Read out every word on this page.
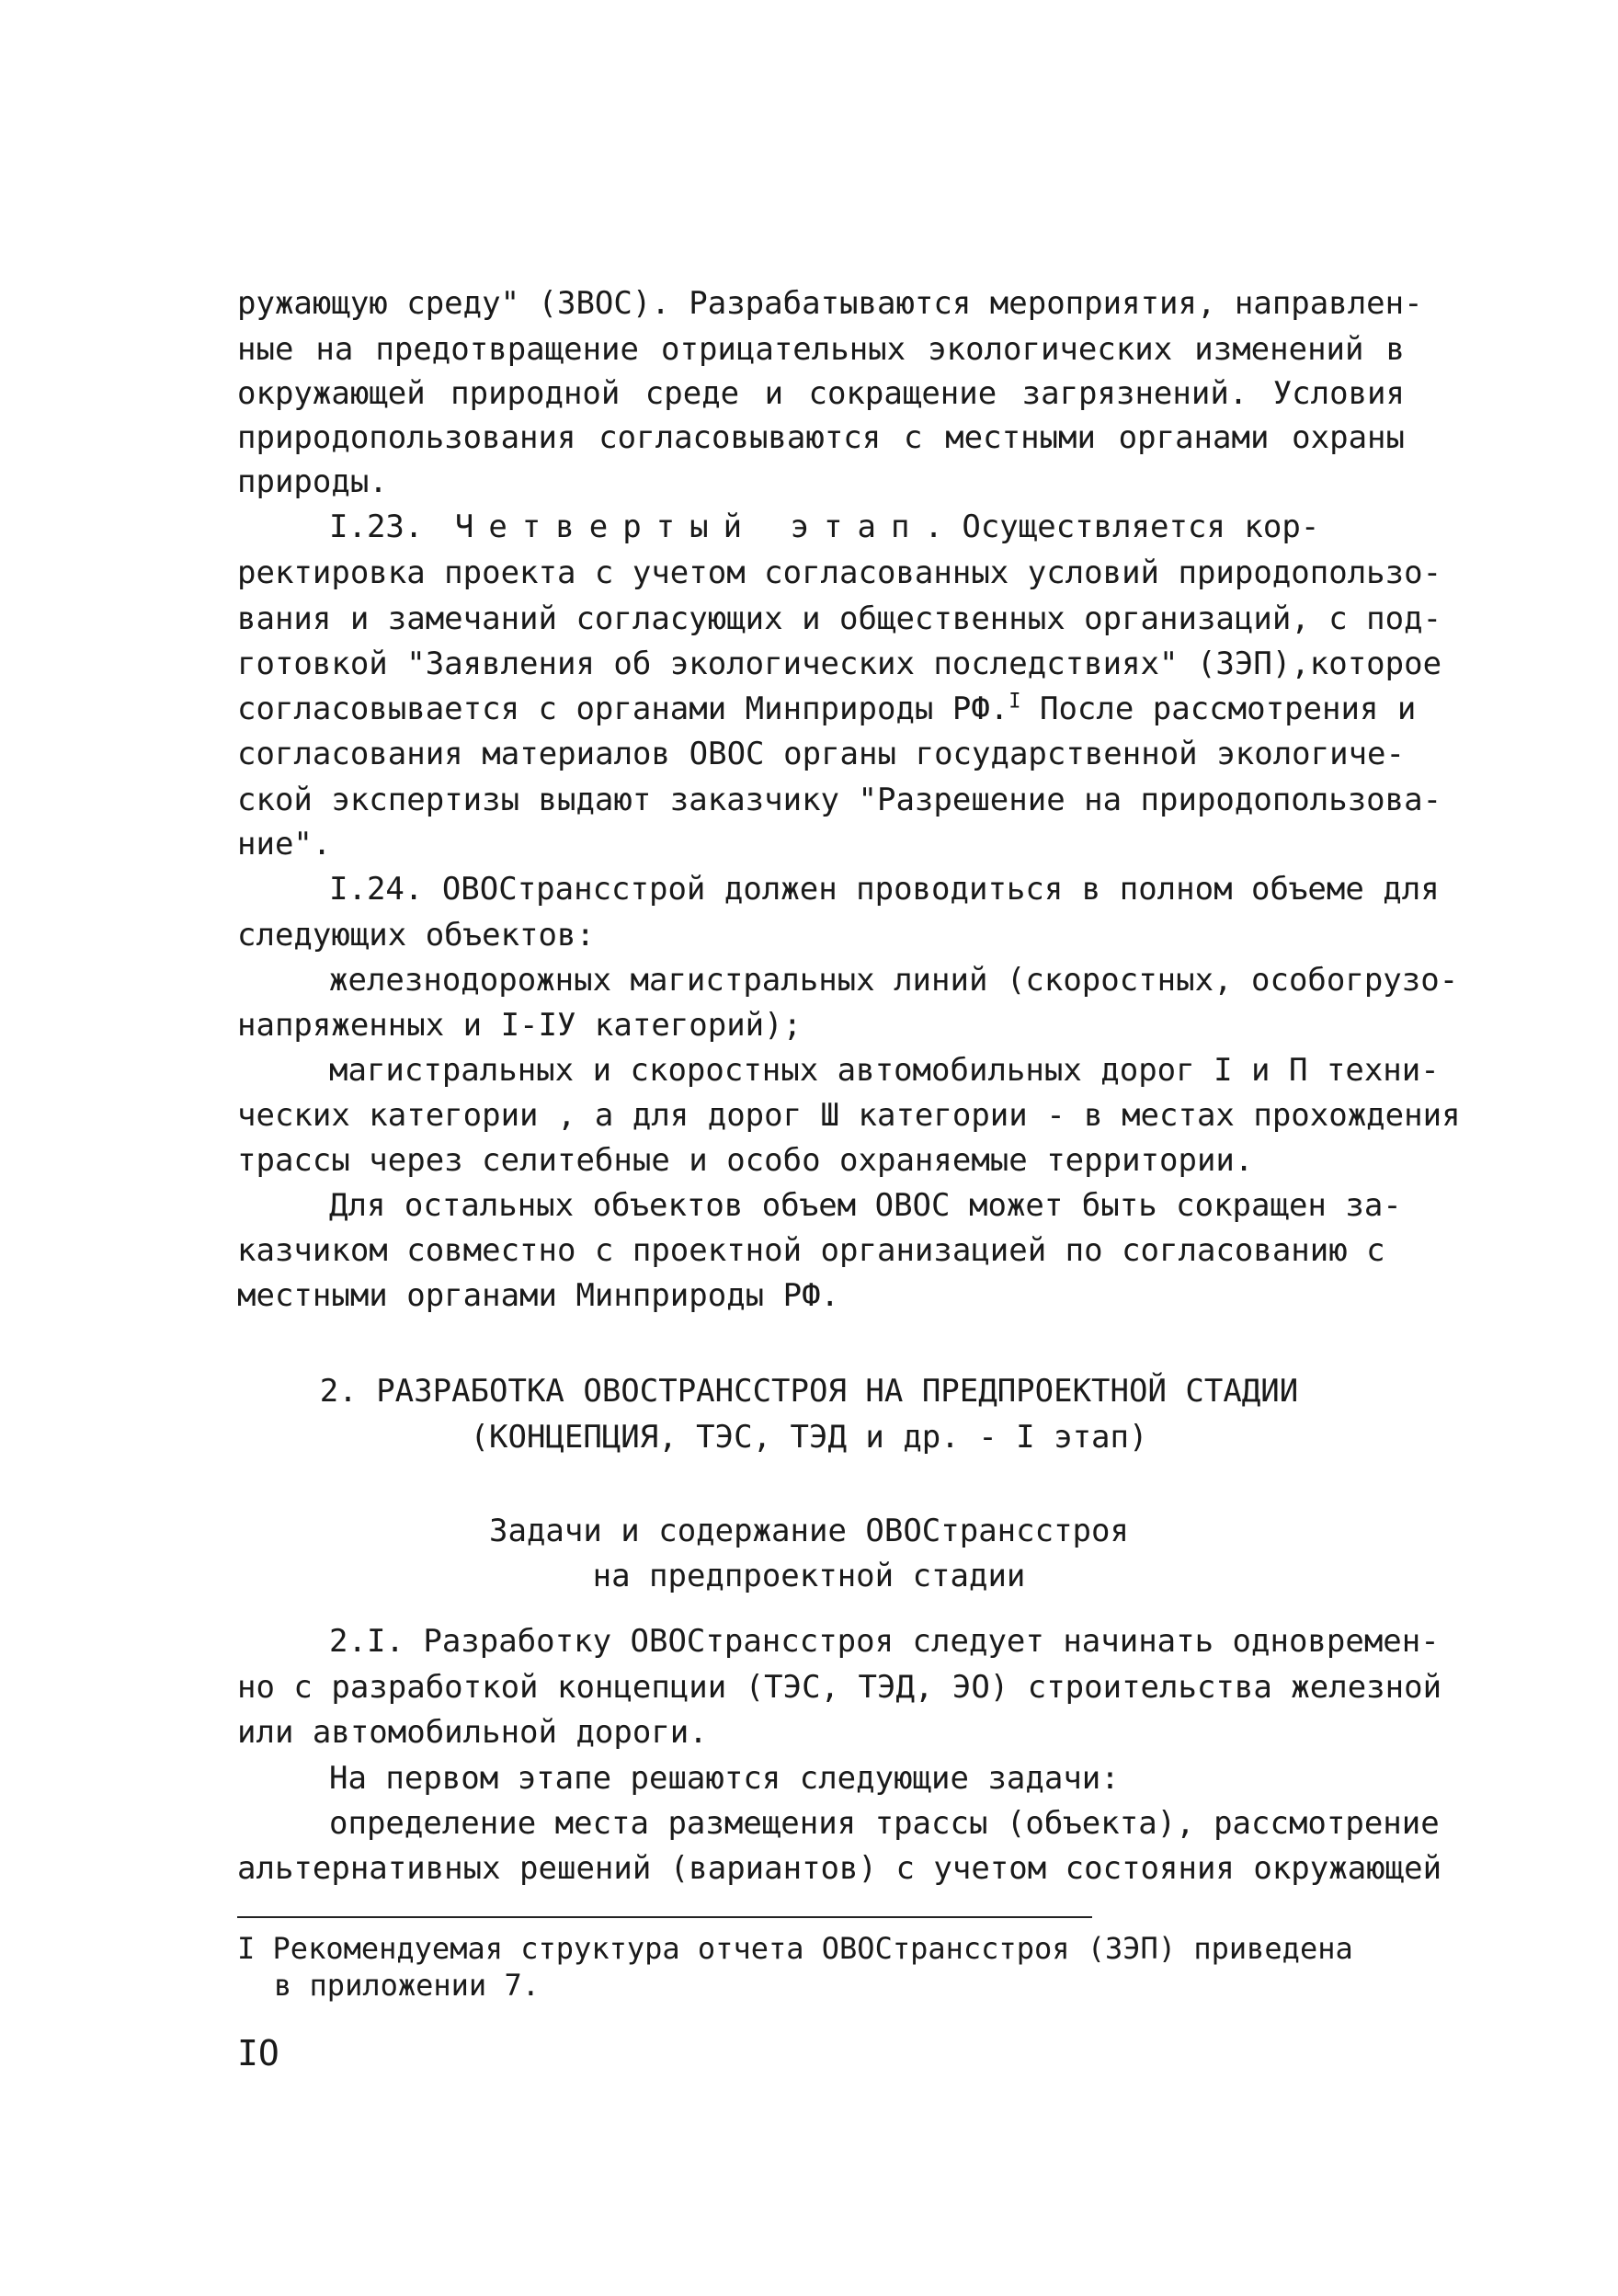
ружающую среду" (ЗВОС). Разрабатываются мероприятия, направлен-
ные на предотвращение отрицательных экологических изменений в
окружающей природной среде и сокращение загрязнений. Условия
природопользования согласовываются с местными органами охраны
природы.
I.23. Четвертый этап. Осуществляется кор-
ректировка проекта с учетом согласованных условий природопользо-
вания и замечаний согласующих и общественных организаций, с под-
готовкой "Заявления об экологических последствиях" (ЗЭП),которое
согласовывается с органами Минприроды РФ.$^I$ После рассмотрения и
согласования материалов ОВОС органы государственной экологиче-
ской экспертизы выдают заказчику "Разрешение на природопользова-
ние".
I.24. ОВОСтрансстрой должен проводиться в полном объеме для
следующих объектов:
железнодорожных магистральных линий (скоростных, особогрузо-
напряженных и I-IУ категорий);
магистральных и скоростных автомобильных дорог I и П техни-
ческих категории , а для дорог Ш категории - в местах прохождения
трассы через селитебные и особо охраняемые территории.
Для остальных объектов объем ОВОС может быть сокращен за-
казчиком совместно с проектной организацией по согласованию с
местными органами Минприроды РФ.
2. РАЗРАБОТКА ОВОСТРАНССТРОЯ НА ПРЕДПРОЕКТНОЙ СТАДИИ
(КОНЦЕПЦИЯ, ТЭС, ТЭД и др. - I этап)
Задачи и содержание ОВОСтрансстроя
на предпроектной стадии
2.I. Разработку ОВОСтрансстроя следует начинать одновремен-
но с разработкой концепции (ТЭС, ТЭД, ЭО) строительства железной
или автомобильной дороги.
На первом этапе решаются следующие задачи:
определение места размещения трассы (объекта), рассмотрение
альтернативных решений (вариантов) с учетом состояния окружающей
I Рекомендуемая структура отчета ОВОСтрансстроя (ЗЭП) приведена
в приложении 7.
IO
